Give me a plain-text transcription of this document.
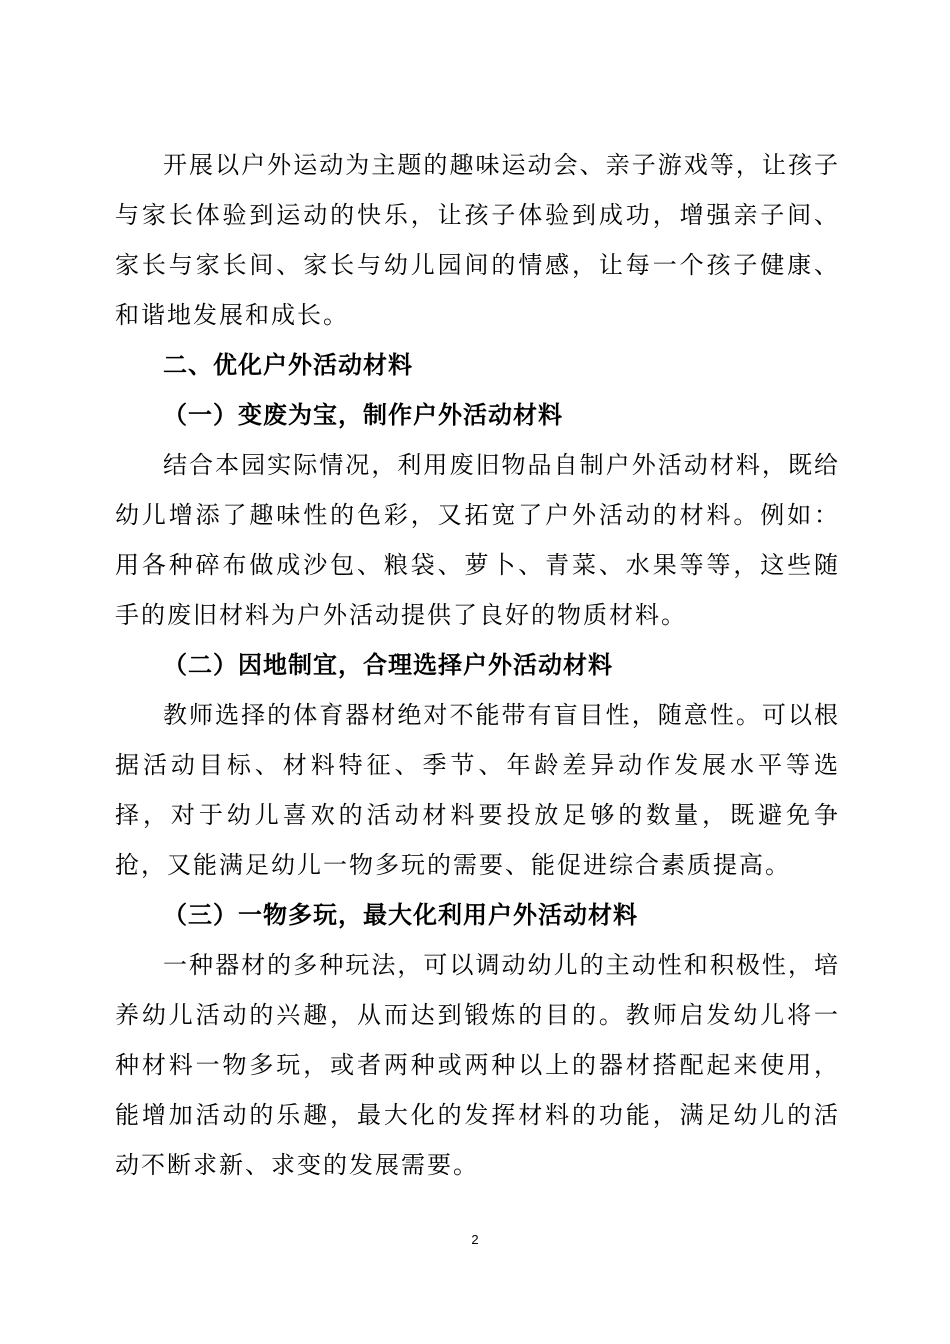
开展以户外运动为主题的趣味运动会、亲子游戏等，让孩子与家长体验到运动的快乐，让孩子体验到成功，增强亲子间、家长与家长间、家长与幼儿园间的情感，让每一个孩子健康、和谐地发展和成长。

二、优化户外活动材料

（一）变废为宝，制作户外活动材料

结合本园实际情况，利用废旧物品自制户外活动材料，既给幼儿增添了趣味性的色彩，又拓宽了户外活动的材料。例如：用各种碎布做成沙包、粮袋、萝卜、青菜、水果等等，这些随手的废旧材料为户外活动提供了良好的物质材料。

（二）因地制宜，合理选择户外活动材料

教师选择的体育器材绝对不能带有盲目性，随意性。可以根据活动目标、材料特征、季节、年龄差异动作发展水平等选择，对于幼儿喜欢的活动材料要投放足够的数量，既避免争抢，又能满足幼儿一物多玩的需要、能促进综合素质提高。

（三）一物多玩，最大化利用户外活动材料

一种器材的多种玩法，可以调动幼儿的主动性和积极性，培养幼儿活动的兴趣，从而达到锻炼的目的。教师启发幼儿将一种材料一物多玩，或者两种或两种以上的器材搭配起来使用，能增加活动的乐趣，最大化的发挥材料的功能，满足幼儿的活动不断求新、求变的发展需要。

2
